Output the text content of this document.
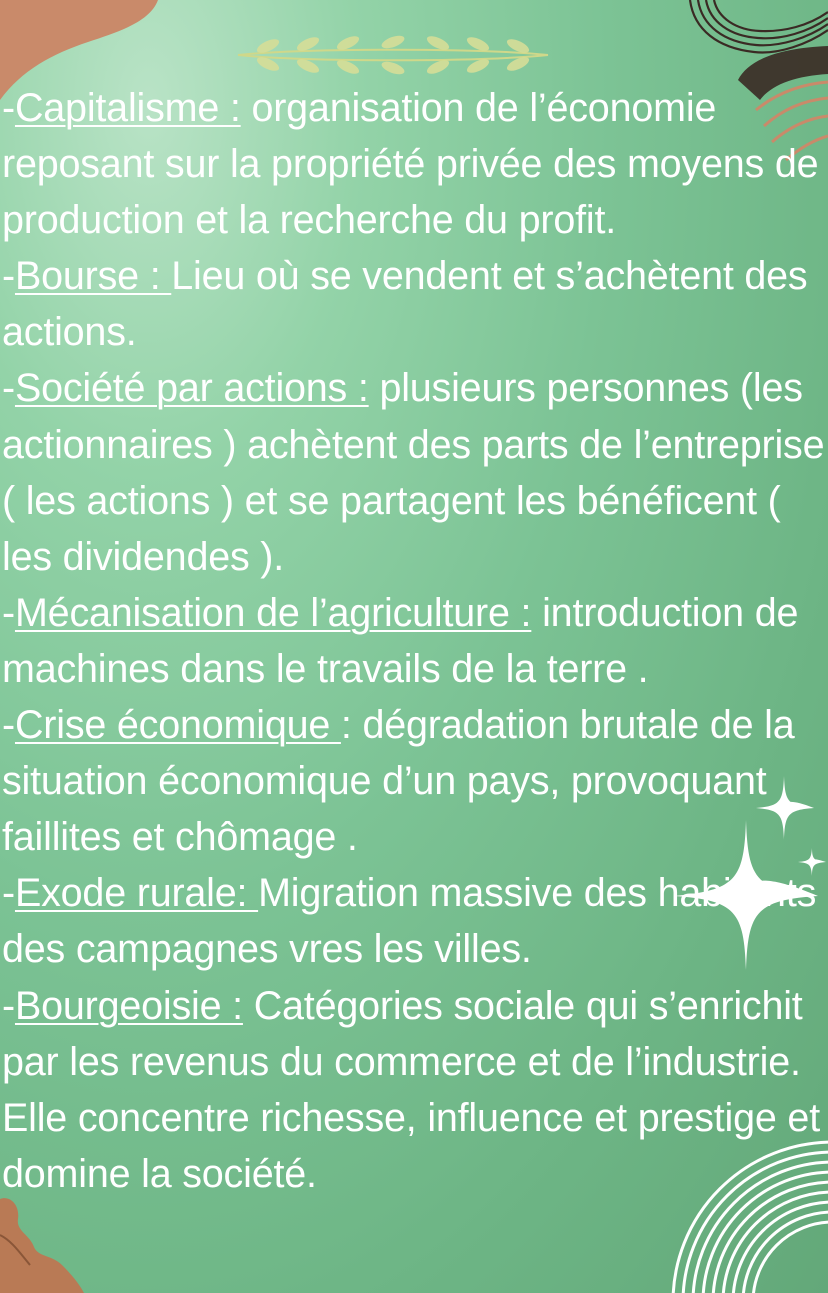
-Capitalisme : organisation de l’économie reposant sur la propriété privée des moyens de production et la recherche du profit.
-Bourse : Lieu où se vendent et s’achètent des actions.
-Société par actions : plusieurs personnes (les actionnaires ) achètent des parts de l’entreprise ( les actions ) et se partagent les bénéficent ( les dividendes ).
-Mécanisation de l’agriculture : introduction de machines dans le travails de la terre .
-Crise économique : dégradation brutale de la situation économique d’un pays, provoquant faillites et chômage .
-Exode rurale: Migration massive des habitants des campagnes vres les villes.
-Bourgeoisie : Catégories sociale qui s’enrichit par les revenus du commerce et de l’industrie. Elle concentre richesse, influence et prestige et domine la société.
